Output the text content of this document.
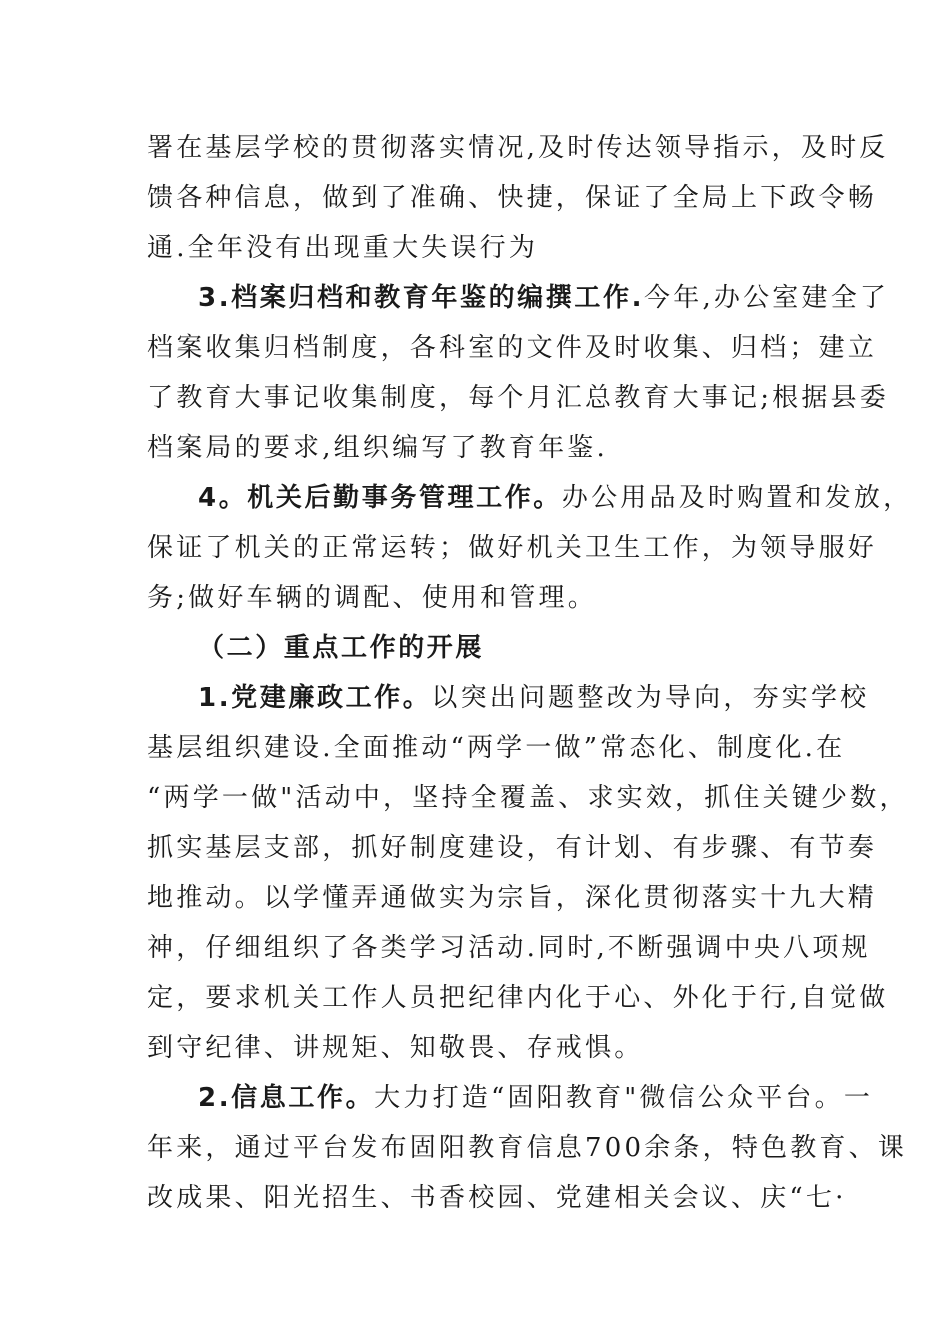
署在基层学校的贯彻落实情况,及时传达领导指示，及时反
馈各种信息，做到了准确、快捷，保证了全局上下政令畅
通.全年没有出现重大失误行为
3.档案归档和教育年鉴的编撰工作.今年,办公室建全了
档案收集归档制度，各科室的文件及时收集、归档；建立
了教育大事记收集制度，每个月汇总教育大事记;根据县委
档案局的要求,组织编写了教育年鉴.
4。机关后勤事务管理工作。办公用品及时购置和发放，
保证了机关的正常运转；做好机关卫生工作，为领导服好
务;做好车辆的调配、使用和管理。
（二）重点工作的开展
1.党建廉政工作。以突出问题整改为导向，夯实学校
基层组织建设.全面推动“两学一做”常态化、制度化.在
“两学一做"活动中，坚持全覆盖、求实效，抓住关键少数，
抓实基层支部，抓好制度建设，有计划、有步骤、有节奏
地推动。以学懂弄通做实为宗旨，深化贯彻落实十九大精
神，仔细组织了各类学习活动.同时,不断强调中央八项规
定，要求机关工作人员把纪律内化于心、外化于行,自觉做
到守纪律、讲规矩、知敬畏、存戒惧。
2.信息工作。大力打造“固阳教育"微信公众平台。一
年来，通过平台发布固阳教育信息700余条，特色教育、课
改成果、阳光招生、书香校园、党建相关会议、庆“七·
